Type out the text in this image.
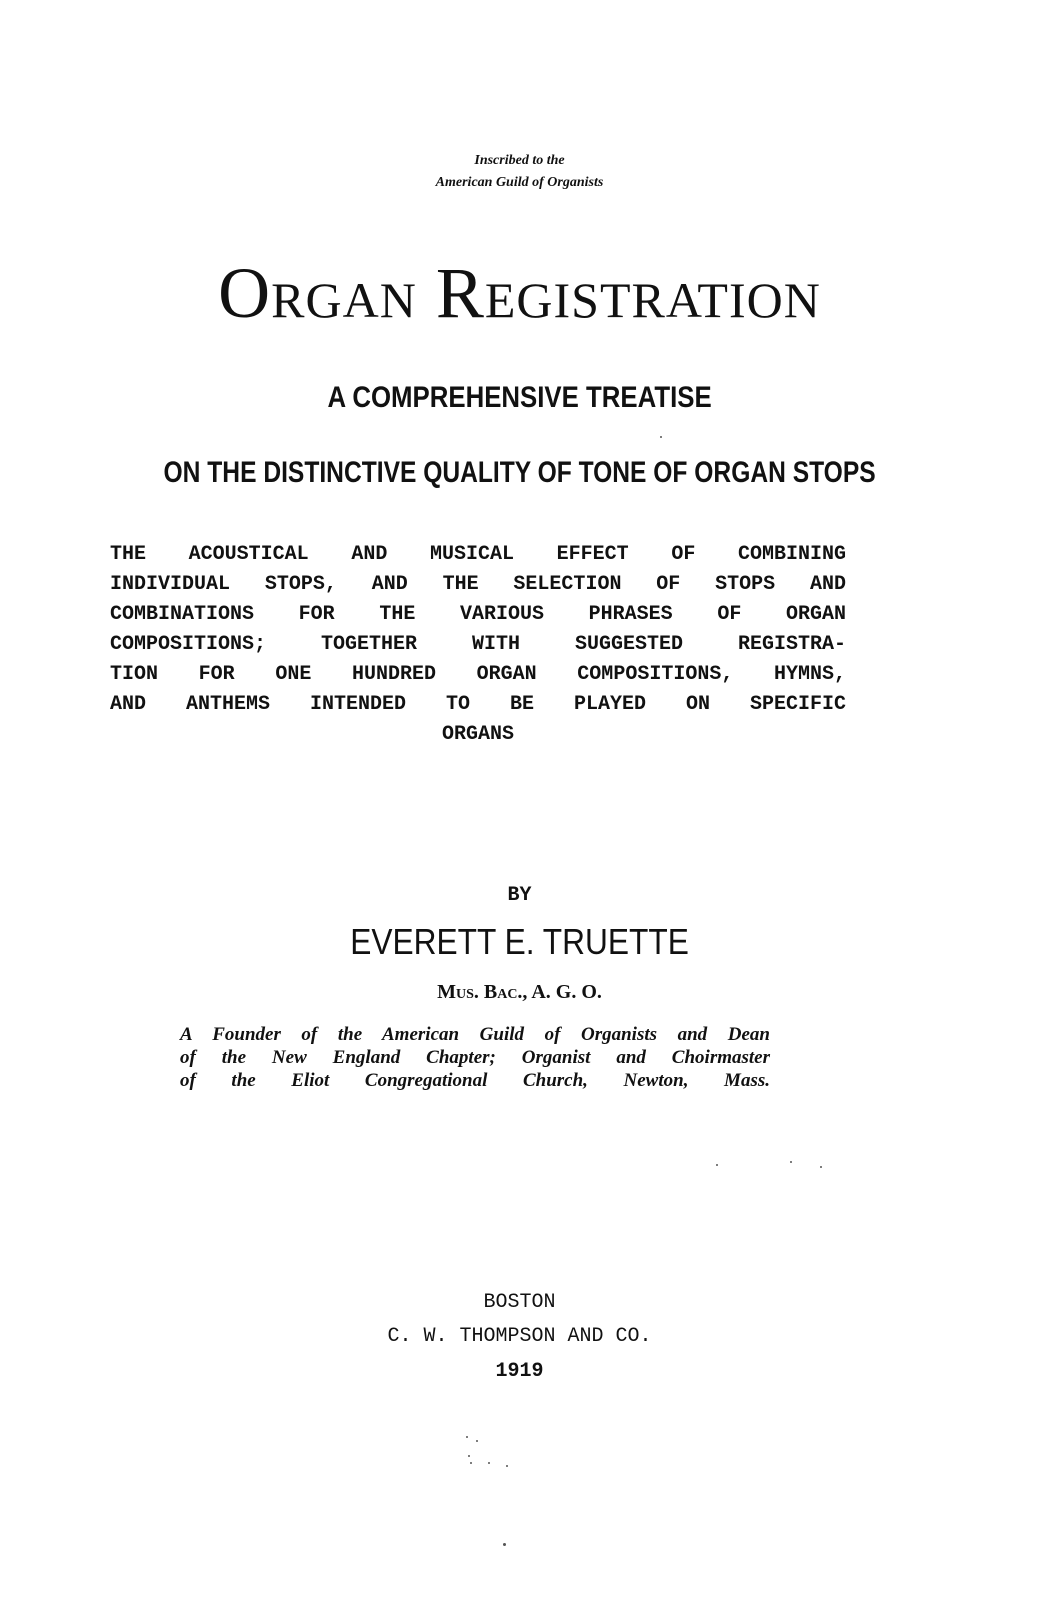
Inscribed to the
American Guild of Organists
Organ Registration
A COMPREHENSIVE TREATISE
ON THE DISTINCTIVE QUALITY OF TONE OF ORGAN STOPS
THE ACOUSTICAL AND MUSICAL EFFECT OF COMBINING
INDIVIDUAL STOPS, AND THE SELECTION OF STOPS AND
COMBINATIONS FOR THE VARIOUS PHRASES OF ORGAN
COMPOSITIONS; TOGETHER WITH SUGGESTED REGISTRA-
TION FOR ONE HUNDRED ORGAN COMPOSITIONS, HYMNS,
AND ANTHEMS INTENDED TO BE PLAYED ON SPECIFIC
ORGANS
BY
EVERETT E. TRUETTE
Mus. Bac., A. G. O.
A Founder of the American Guild of Organists and Dean
of the New England Chapter; Organist and Choirmaster
of the Eliot Congregational Church, Newton, Mass.
BOSTON
C. W. THOMPSON AND CO.
1919
